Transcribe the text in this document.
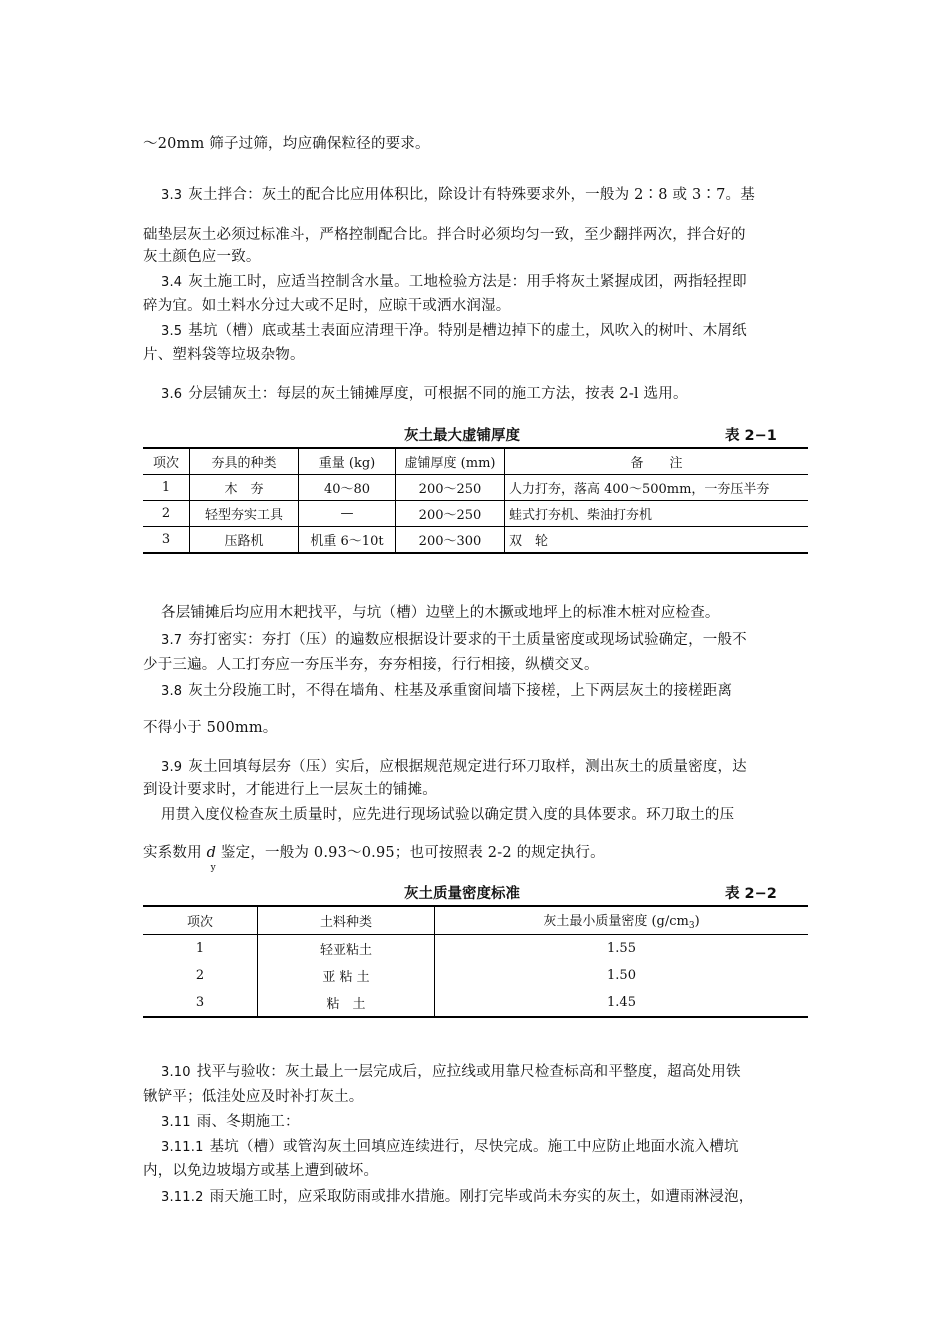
～20mm 筛子过筛，均应确保粒径的要求。
3.3 灰土拌合：灰土的配合比应用体积比，除设计有特殊要求外，一般为 2∶8 或 3∶7。基
础垫层灰土必须过标准斗，严格控制配合比。拌合时必须均匀一致，至少翻拌两次，拌合好的
灰土颜色应一致。
3.4 灰土施工时，应适当控制含水量。工地检验方法是：用手将灰土紧握成团，两指轻捏即
碎为宜。如土料水分过大或不足时，应晾干或洒水润湿。
3.5 基坑（槽）底或基土表面应清理干净。特别是槽边掉下的虚土，风吹入的树叶、木屑纸
片、塑料袋等垃圾杂物。
3.6 分层铺灰土：每层的灰土铺摊厚度，可根据不同的施工方法，按表 2-l 选用。
灰土最大虚铺厚度	表 2−1
项次	夯具的种类	重量 (kg)	虚铺厚度 (mm)	备　　注
1	木　夯	40～80	200～250	人力打夯，落高 400～500mm，一夯压半夯
2	轻型夯实工具	—	200～250	蛙式打夯机、柴油打夯机
3	压路机	机重 6～10t	200～300	双　轮
各层铺摊后均应用木耙找平，与坑（槽）边壁上的木撅或地坪上的标准木桩对应检查。
3.7 夯打密实：夯打（压）的遍数应根据设计要求的干土质量密度或现场试验确定，一般不
少于三遍。人工打夯应一夯压半夯，夯夯相接，行行相接，纵横交叉。
3.8 灰土分段施工时，不得在墙角、柱基及承重窗间墙下接槎，上下两层灰土的接槎距离
不得小于 500mm。
3.9 灰土回填每层夯（压）实后，应根据规范规定进行环刀取样，测出灰土的质量密度，达
到设计要求时，才能进行上一层灰土的铺摊。
用贯入度仪检查灰土质量时，应先进行现场试验以确定贯入度的具体要求。环刀取土的压
实系数用 d
y
鉴定，一般为 0.93～0.95；也可按照表 2-2 的规定执行。
灰土质量密度标准	表 2−2
项次	土料种类	灰土最小质量密度 $(g/cm_3)$
1	轻亚粘土	1.55
2	亚 粘 土	1.50
3	粘　土	1.45
3.10 找平与验收：灰土最上一层完成后，应拉线或用靠尺检查标高和平整度，超高处用铁
锹铲平；低洼处应及时补打灰土。
3.11 雨、冬期施工：
3.11.1 基坑（槽）或管沟灰土回填应连续进行，尽快完成。施工中应防止地面水流入槽坑
内，以免边坡塌方或基上遭到破坏。
3.11.2 雨天施工时，应采取防雨或排水措施。刚打完毕或尚未夯实的灰土，如遭雨淋浸泡，
